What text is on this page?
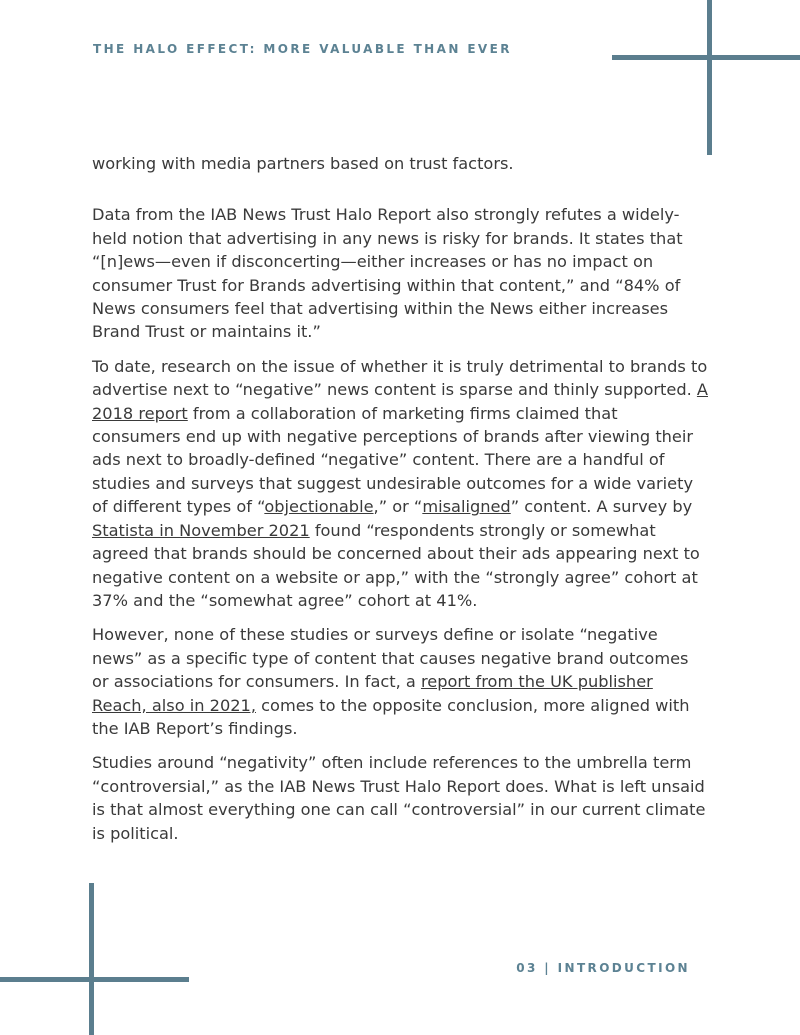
THE HALO EFFECT: MORE VALUABLE THAN EVER

working with media partners based on trust factors.

Data from the IAB News Trust Halo Report also strongly refutes a widely-held notion that advertising in any news is risky for brands. It states that “[n]ews—even if disconcerting—either increases or has no impact on consumer Trust for Brands advertising within that content,” and “84% of News consumers feel that advertising within the News either increases Brand Trust or maintains it.”

To date, research on the issue of whether it is truly detrimental to brands to advertise next to “negative” news content is sparse and thinly supported. A 2018 report from a collaboration of marketing firms claimed that consumers end up with negative perceptions of brands after viewing their ads next to broadly-defined “negative” content. There are a handful of studies and surveys that suggest undesirable outcomes for a wide variety of different types of “objectionable,” or “misaligned” content. A survey by Statista in November 2021 found “respondents strongly or somewhat agreed that brands should be concerned about their ads appearing next to negative content on a website or app,” with the “strongly agree” cohort at 37% and the “somewhat agree” cohort at 41%.

However, none of these studies or surveys define or isolate “negative news” as a specific type of content that causes negative brand outcomes or associations for consumers. In fact, a report from the UK publisher Reach, also in 2021, comes to the opposite conclusion, more aligned with the IAB Report’s findings.

Studies around “negativity” often include references to the umbrella term “controversial,” as the IAB News Trust Halo Report does. What is left unsaid is that almost everything one can call “controversial” in our current climate is political.

03 | INTRODUCTION
